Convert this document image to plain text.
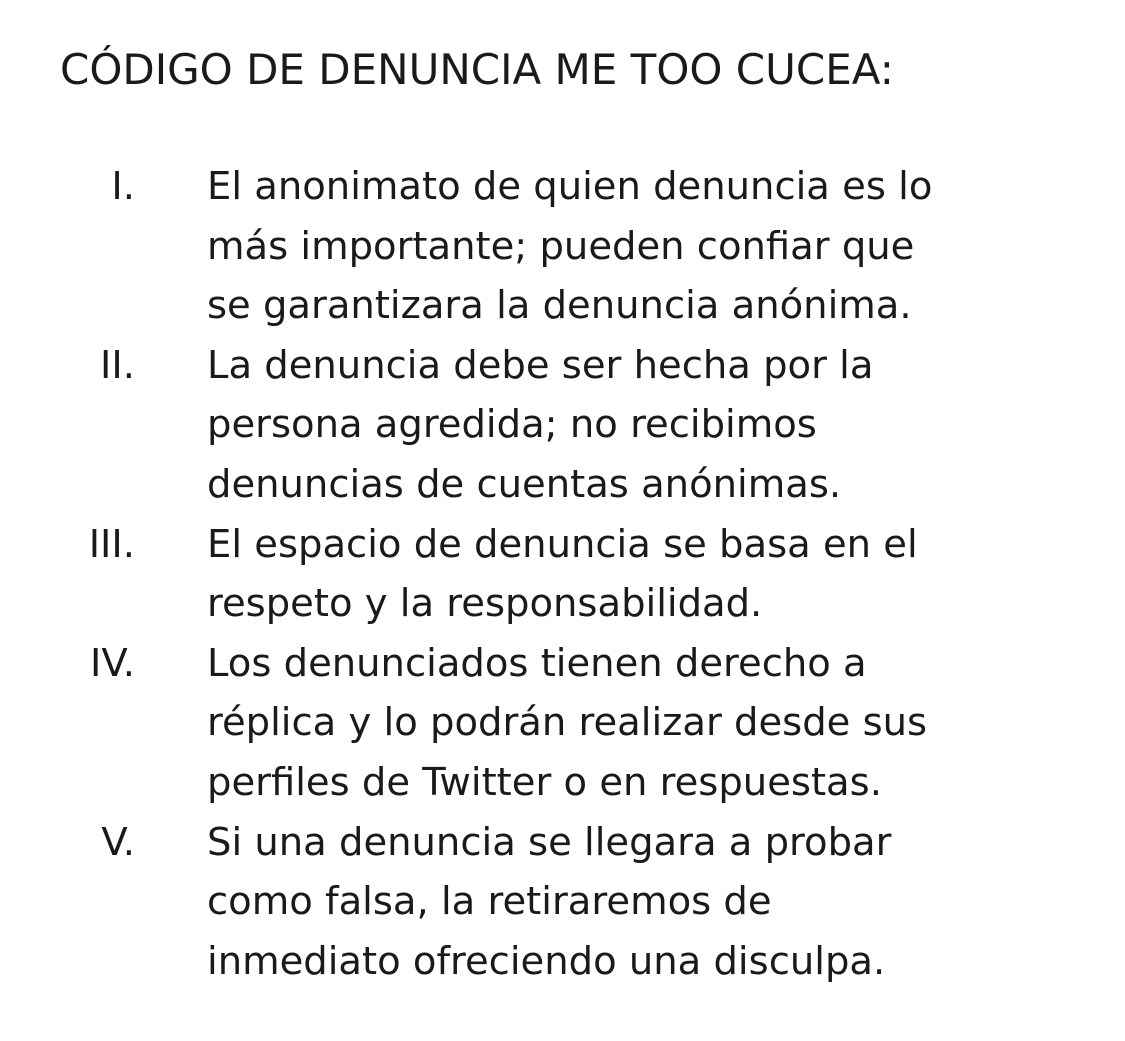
CÓDIGO DE DENUNCIA ME TOO CUCEA:
I. El anonimato de quien denuncia es lo
más importante; pueden confiar que
se garantizara la denuncia anónima.
II. La denuncia debe ser hecha por la
persona agredida; no recibimos
denuncias de cuentas anónimas.
III. El espacio de denuncia se basa en el
respeto y la responsabilidad.
IV. Los denunciados tienen derecho a
réplica y lo podrán realizar desde sus
perfiles de Twitter o en respuestas.
V. Si una denuncia se llegara a probar
como falsa, la retiraremos de
inmediato ofreciendo una disculpa.
